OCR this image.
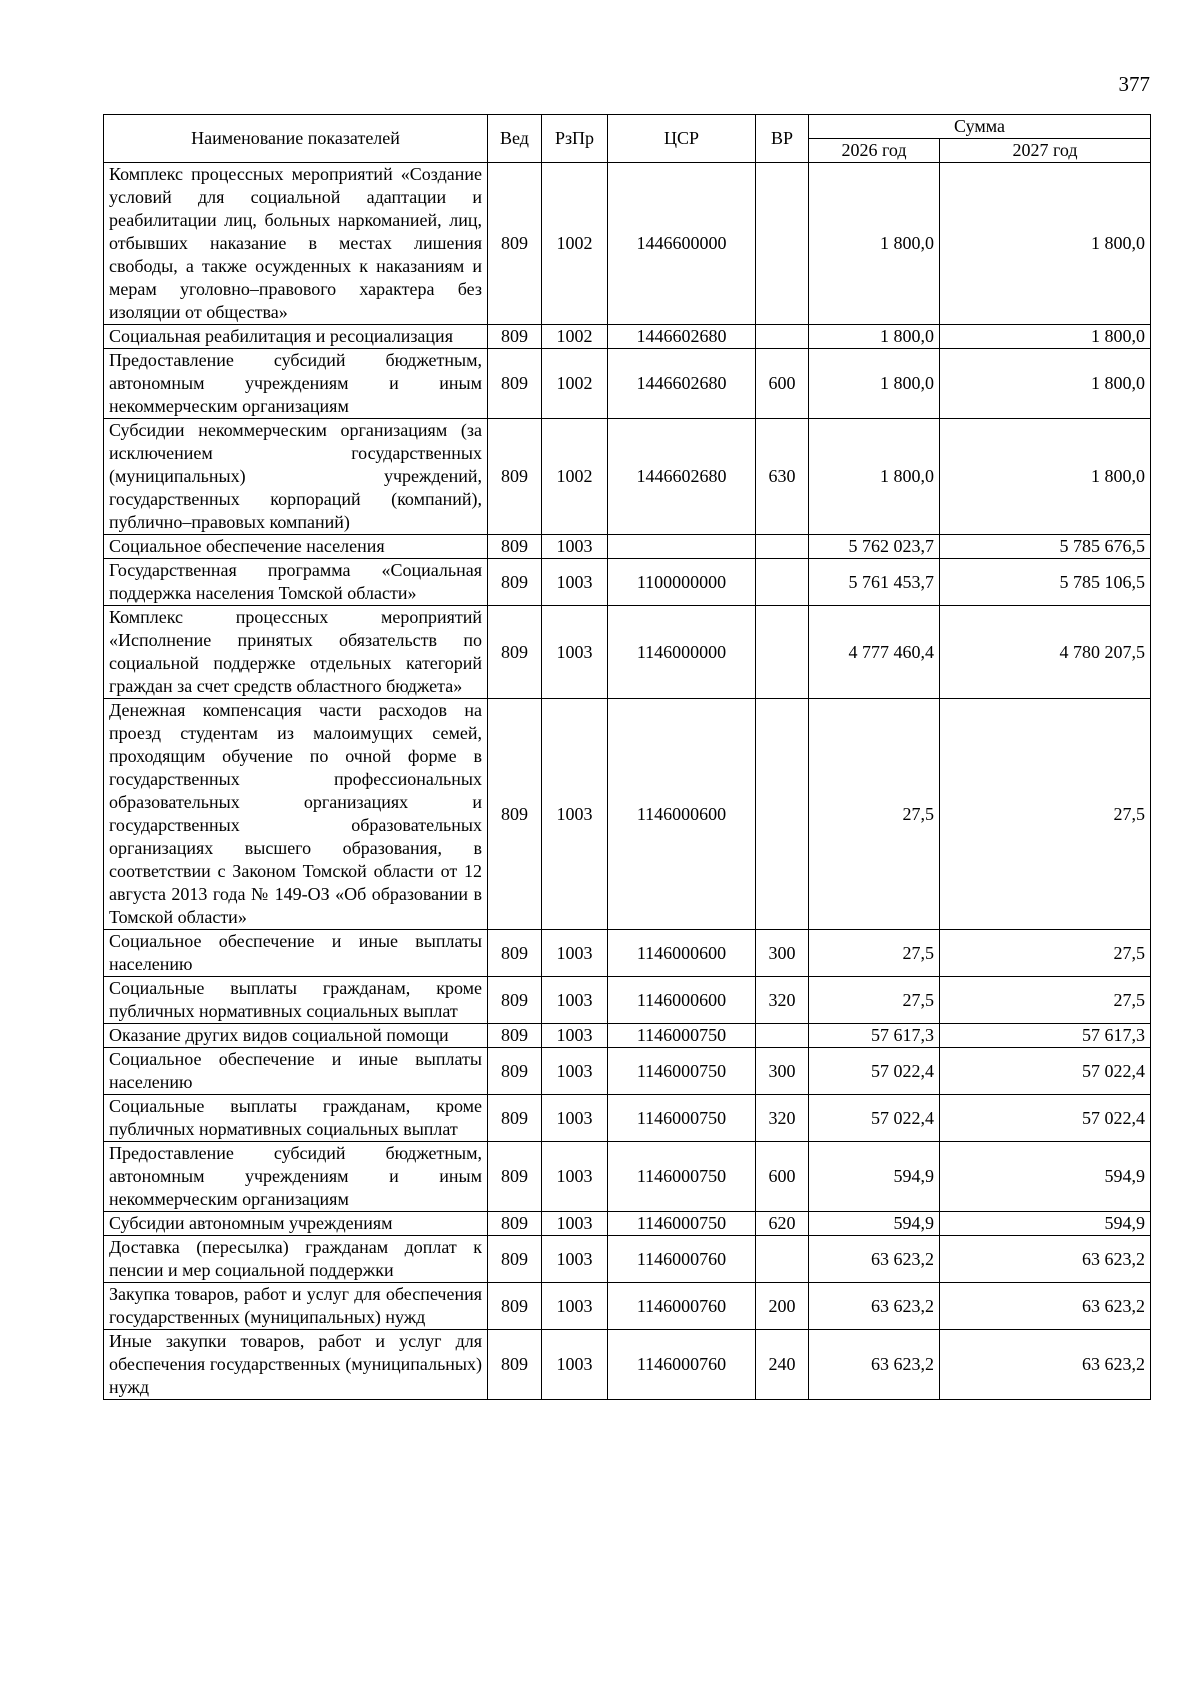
377
Наименование показателей	Вед	РзПр	ЦСР	ВР	Сумма	
					2026 год	2027 год
Комплекс процессных мероприятий «Создание условий для социальной адаптации и реабилитации лиц, больных наркоманией, лиц, отбывших наказание в местах лишения свободы, а также осужденных к наказаниям и мерам уголовно–правового характера без изоляции от общества»	809	1002	1446600000		1 800,0	1 800,0
Социальная реабилитация и ресоциализация	809	1002	1446602680		1 800,0	1 800,0
Предоставление субсидий бюджетным, автономным учреждениям и иным некоммерческим организациям	809	1002	1446602680	600	1 800,0	1 800,0
Субсидии некоммерческим организациям (за исключением государственных (муниципальных) учреждений, государственных корпораций (компаний), публично–правовых компаний)	809	1002	1446602680	630	1 800,0	1 800,0
Социальное обеспечение населения	809	1003			5 762 023,7	5 785 676,5
Государственная программа «Социальная поддержка населения Томской области»	809	1003	1100000000		5 761 453,7	5 785 106,5
Комплекс процессных мероприятий «Исполнение принятых обязательств по социальной поддержке отдельных категорий граждан за счет средств областного бюджета»	809	1003	1146000000		4 777 460,4	4 780 207,5
Денежная компенсация части расходов на проезд студентам из малоимущих семей, проходящим обучение по очной форме в государственных профессиональных образовательных организациях и государственных образовательных организациях высшего образования, в соответствии с Законом Томской области от 12 августа 2013 года № 149-ОЗ «Об образовании в Томской области»	809	1003	1146000600		27,5	27,5
Социальное обеспечение и иные выплаты населению	809	1003	1146000600	300	27,5	27,5
Социальные выплаты гражданам, кроме публичных нормативных социальных выплат	809	1003	1146000600	320	27,5	27,5
Оказание других видов социальной помощи	809	1003	1146000750		57 617,3	57 617,3
Социальное обеспечение и иные выплаты населению	809	1003	1146000750	300	57 022,4	57 022,4
Социальные выплаты гражданам, кроме публичных нормативных социальных выплат	809	1003	1146000750	320	57 022,4	57 022,4
Предоставление субсидий бюджетным, автономным учреждениям и иным некоммерческим организациям	809	1003	1146000750	600	594,9	594,9
Субсидии автономным учреждениям	809	1003	1146000750	620	594,9	594,9
Доставка (пересылка) гражданам доплат к пенсии и мер социальной поддержки	809	1003	1146000760		63 623,2	63 623,2
Закупка товаров, работ и услуг для обеспечения государственных (муниципальных) нужд	809	1003	1146000760	200	63 623,2	63 623,2
Иные закупки товаров, работ и услуг для обеспечения государственных (муниципальных) нужд	809	1003	1146000760	240	63 623,2	63 623,2
